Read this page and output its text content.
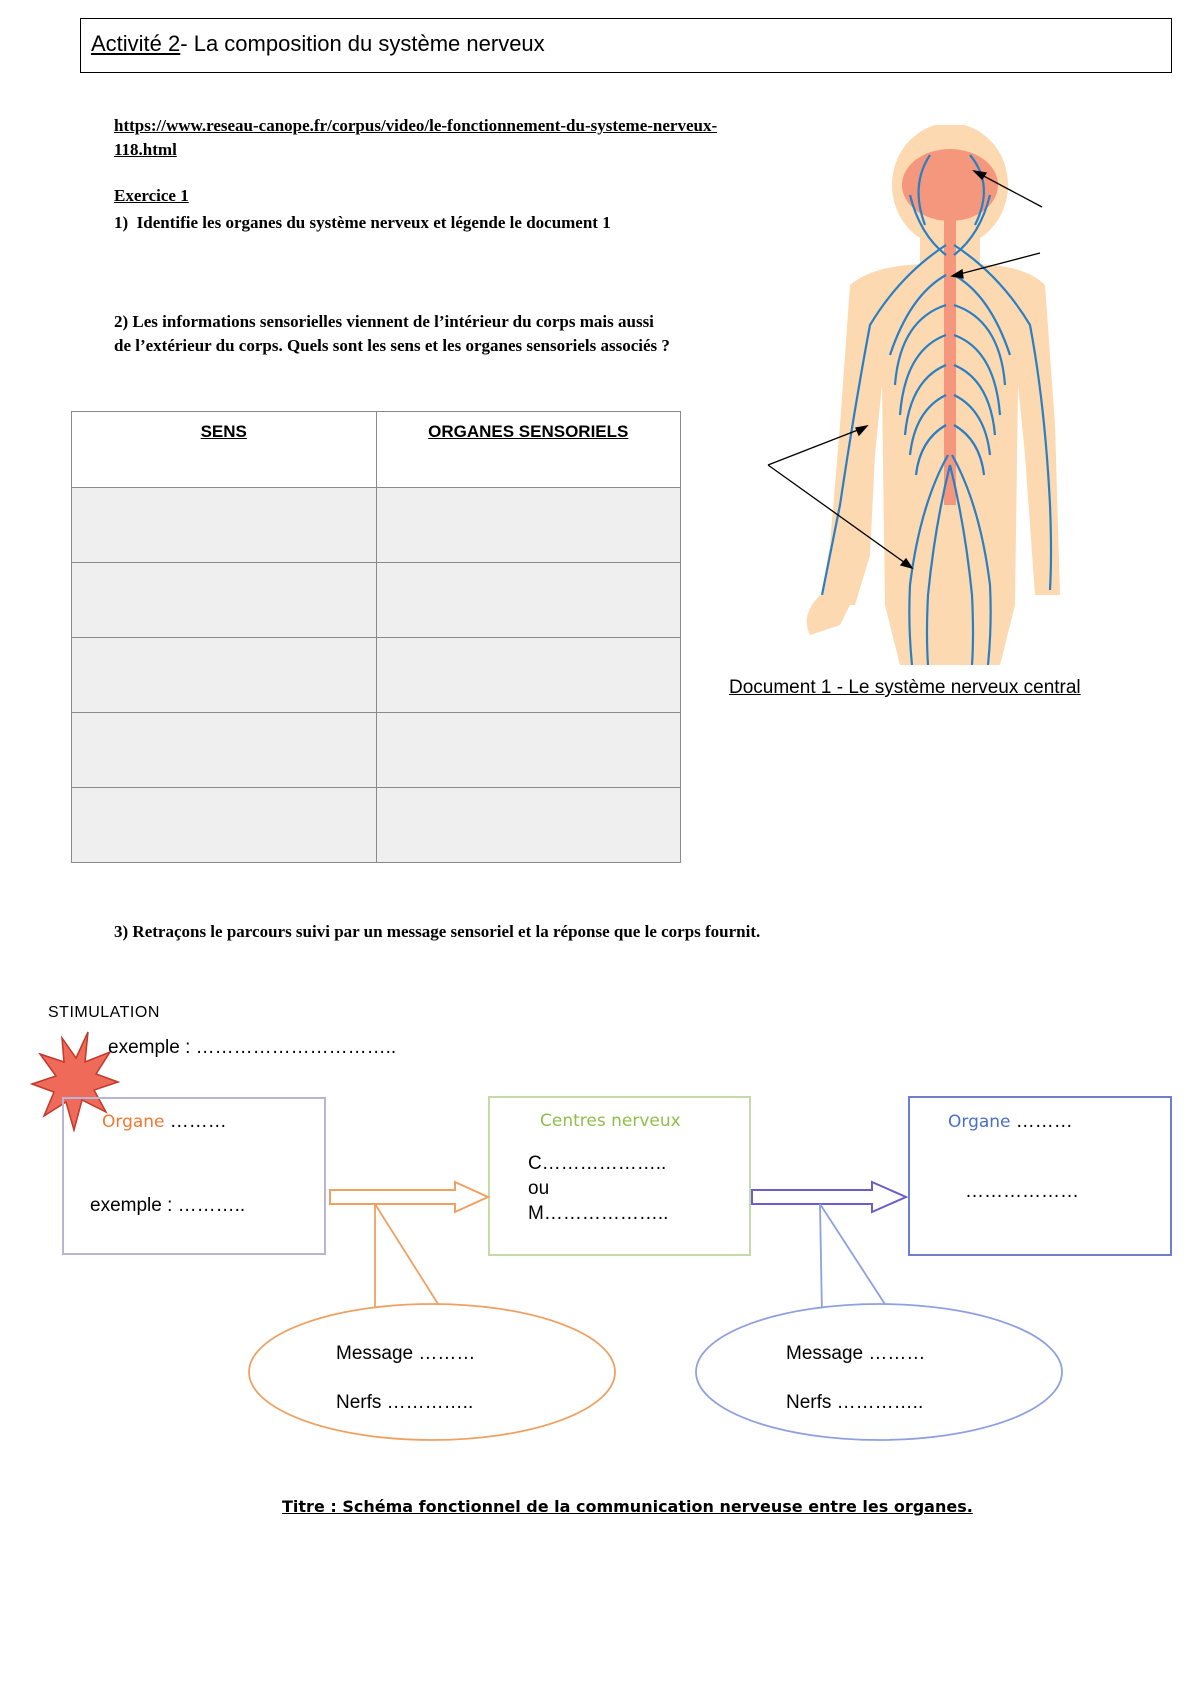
Activité 2- La composition du système nerveux
https://www.reseau-canope.fr/corpus/video/le-fonctionnement-du-systeme-nerveux-118.html
Exercice 1
1) Identifie les organes du système nerveux et légende le document 1
2) Les informations sensorielles viennent de l’intérieur du corps mais aussi de l’extérieur du corps. Quels sont les sens et les organes sensoriels associés ?
SENS	ORGANES SENSORIELS

Document 1 - Le système nerveux central
3) Retraçons le parcours suivi par un message sensoriel et la réponse que le corps fournit.
STIMULATION
exemple : …………………………..
Organe ………
exemple : ………..
Centres nerveux
C………………..
ou
M………………..
Organe ………
………………
Message ………
Nerfs …………..
Message ………
Nerfs …………..
Titre : Schéma fonctionnel de la communication nerveuse entre les organes.
